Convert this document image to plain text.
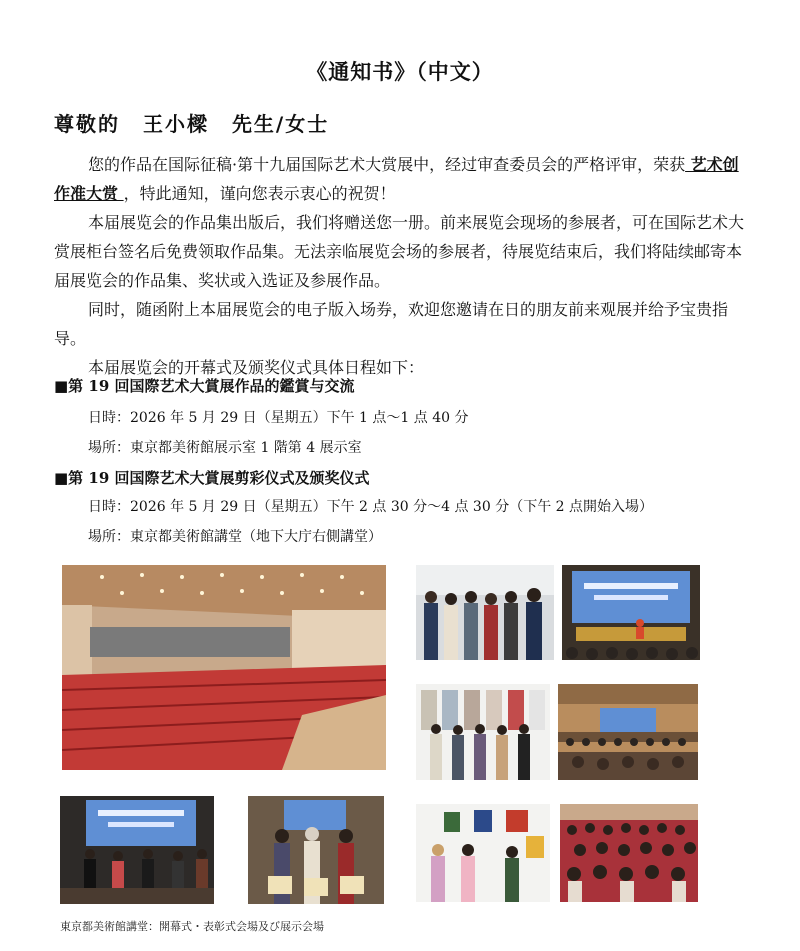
《通知书》（中文）
尊敬的 王小樑 先生/女士
您的作品在国际征稿·第十九届国际艺术大赏展中，经过审查委员会的严格评审，荣获 艺术创作准大赏 ，特此通知，谨向您表示衷心的祝贺！
本届展览会的作品集出版后，我们将赠送您一册。前来展览会现场的参展者，可在国际艺术大赏展柜台签名后免费领取作品集。无法亲临展览会场的参展者，待展览结束后，我们将陆续邮寄本届展览会的作品集、奖状或入选证及参展作品。
同时，随函附上本届展览会的电子版入场券，欢迎您邀请在日的朋友前来观展并给予宝贵指导。
本届展览会的开幕式及颁奖仪式具体日程如下：
■第 19 回国際艺术大賞展作品的鑑賞与交流
日時：2026 年 5 月 29 日（星期五）下午 1 点～1 点 40 分
場所：東京都美術館展示室 1 階第 4 展示室
■第 19 回国際艺术大賞展剪彩仪式及颁奖仪式
日時：2026 年 5 月 29 日（星期五）下午 2 点 30 分～4 点 30 分（下午 2 点開始入場）
場所：東京都美術館講堂（地下大庁右側講堂）
東京都美術館講堂：開幕式・表彰式会場及び展示会場
